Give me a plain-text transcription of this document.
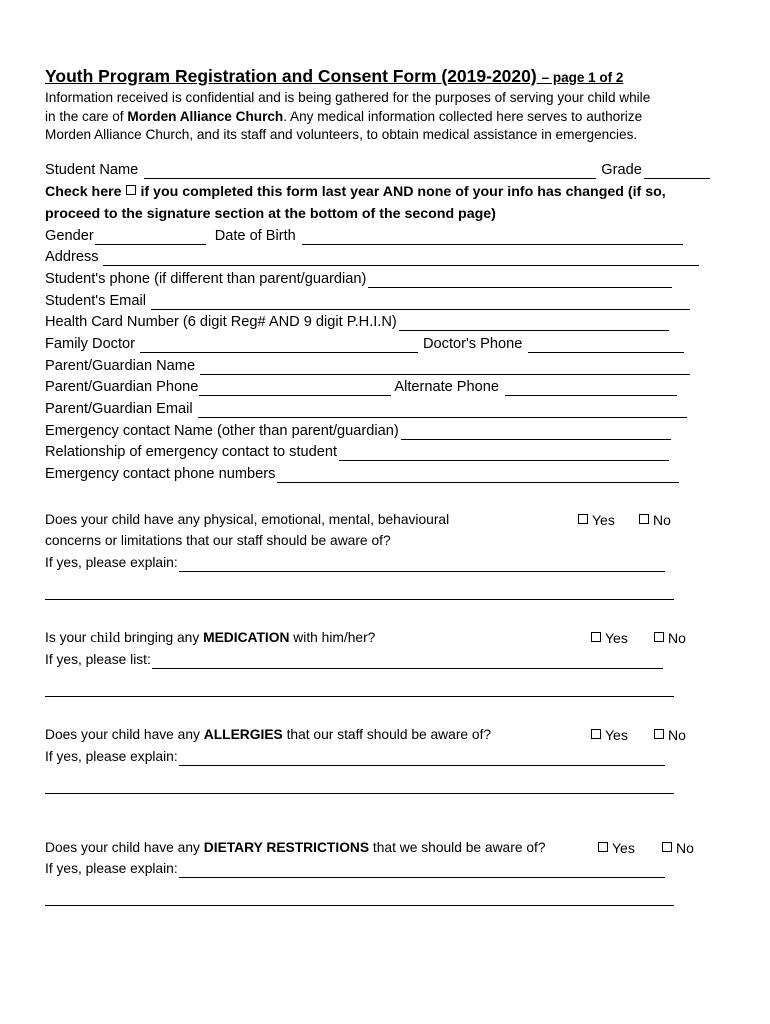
Youth Program Registration and Consent Form (2019-2020) – page 1 of 2
Information received is confidential and is being gathered for the purposes of serving your child while
in the care of Morden Alliance Church. Any medical information collected here serves to authorize
Morden Alliance Church, and its staff and volunteers, to obtain medical assistance in emergencies.
Student Name	Grade
Check here if you completed this form last year AND none of your info has changed (if so,
proceed to the signature section at the bottom of the second page)
Gender	Date of Birth
Address
Student's phone (if different than parent/guardian)
Student's Email
Health Card Number (6 digit Reg# AND 9 digit P.H.I.N)
Family Doctor	Doctor's Phone
Parent/Guardian Name
Parent/Guardian Phone	Alternate Phone
Parent/Guardian Email
Emergency contact Name (other than parent/guardian)
Relationship of emergency contact to student
Emergency contact phone numbers
Does your child have any physical, emotional, mental, behavioural	Yes	No
concerns or limitations that our staff should be aware of?
If yes, please explain:
Is your child bringing any MEDICATION with him/her?	Yes	No
If yes, please list:
Does your child have any ALLERGIES that our staff should be aware of?	Yes	No
If yes, please explain:
Does your child have any DIETARY RESTRICTIONS that we should be aware of?	Yes	No
If yes, please explain:
